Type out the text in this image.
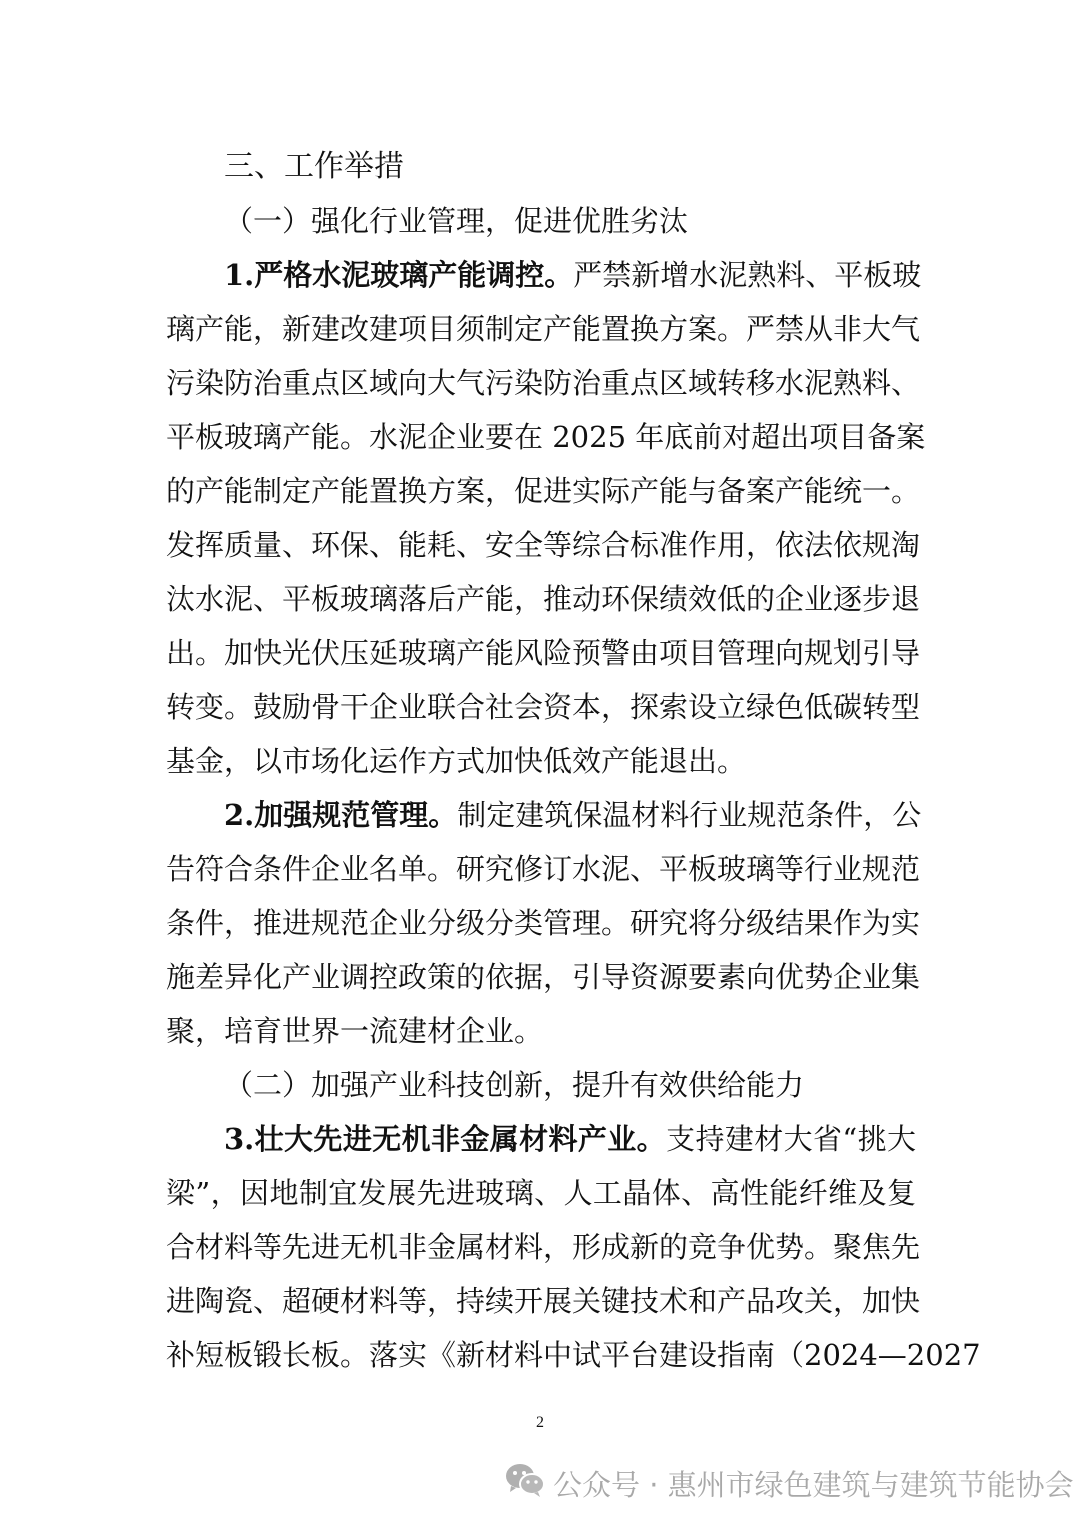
三、工作举措
（一）强化行业管理，促进优胜劣汰
1.严格水泥玻璃产能调控。严禁新增水泥熟料、平板玻
璃产能，新建改建项目须制定产能置换方案。严禁从非大气
污染防治重点区域向大气污染防治重点区域转移水泥熟料、
平板玻璃产能。水泥企业要在 2025 年底前对超出项目备案
的产能制定产能置换方案，促进实际产能与备案产能统一。
发挥质量、环保、能耗、安全等综合标准作用，依法依规淘
汰水泥、平板玻璃落后产能，推动环保绩效低的企业逐步退
出。加快光伏压延玻璃产能风险预警由项目管理向规划引导
转变。鼓励骨干企业联合社会资本，探索设立绿色低碳转型
基金，以市场化运作方式加快低效产能退出。
2.加强规范管理。制定建筑保温材料行业规范条件，公
告符合条件企业名单。研究修订水泥、平板玻璃等行业规范
条件，推进规范企业分级分类管理。研究将分级结果作为实
施差异化产业调控政策的依据，引导资源要素向优势企业集
聚，培育世界一流建材企业。
（二）加强产业科技创新，提升有效供给能力
3.壮大先进无机非金属材料产业。支持建材大省“挑大
梁”，因地制宜发展先进玻璃、人工晶体、高性能纤维及复
合材料等先进无机非金属材料，形成新的竞争优势。聚焦先
进陶瓷、超硬材料等，持续开展关键技术和产品攻关，加快
补短板锻长板。落实《新材料中试平台建设指南（2024—2027
2
公众号 · 惠州市绿色建筑与建筑节能协会
